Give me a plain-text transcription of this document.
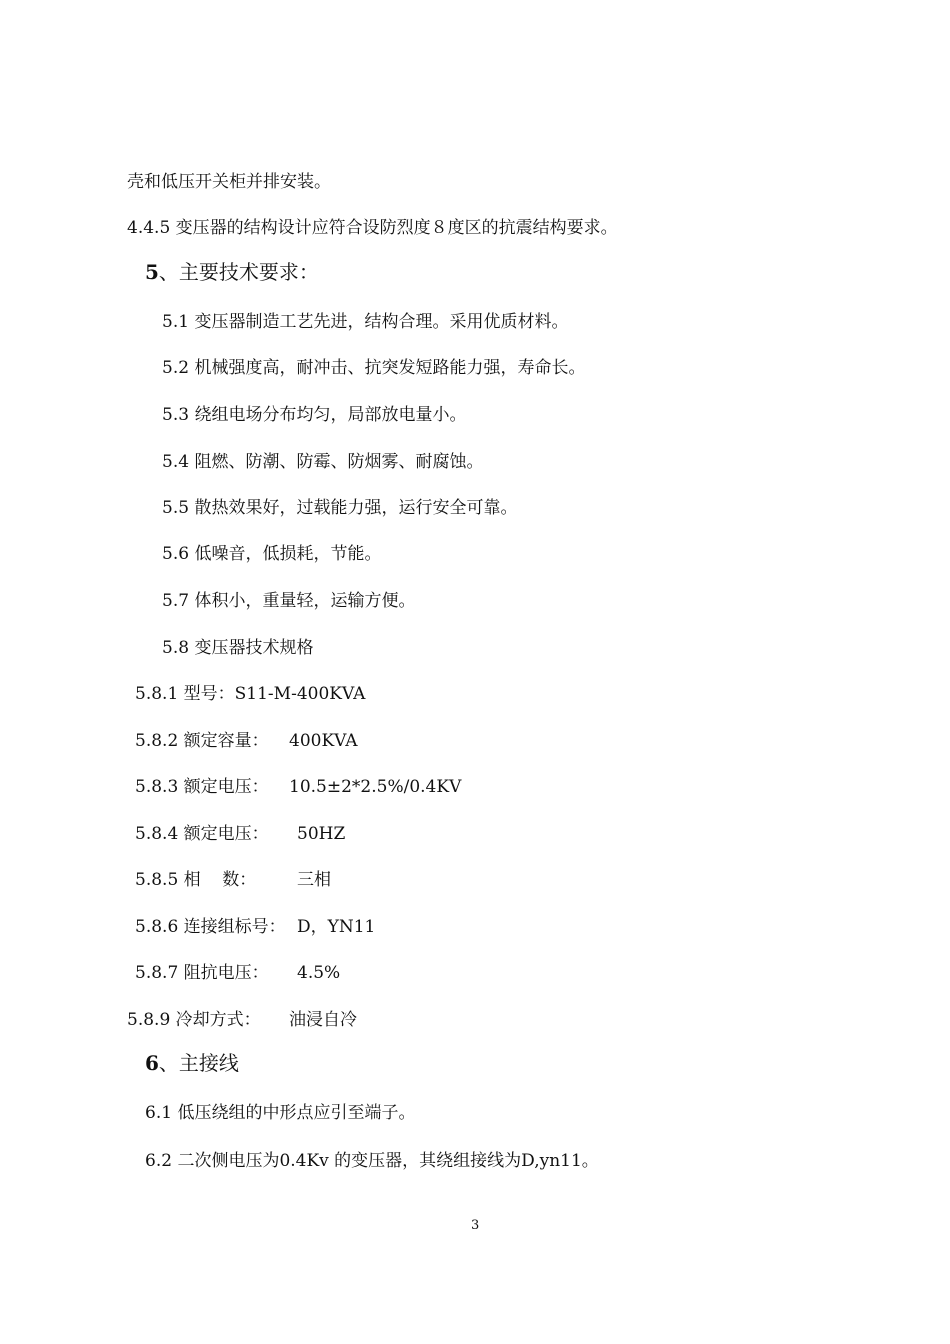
壳和低压开关柜并排安装。
4.4.5 变压器的结构设计应符合设防烈度８度区的抗震结构要求。
5、主要技术要求：
5.1 变压器制造工艺先进，结构合理。采用优质材料。
5.2 机械强度高，耐冲击、抗突发短路能力强，寿命长。
5.3 绕组电场分布均匀，局部放电量小。
5.4 阻燃、防潮、防霉、防烟雾、耐腐蚀。
5.5 散热效果好，过载能力强，运行安全可靠。
5.6 低噪音，低损耗，节能。
5.7 体积小，重量轻，运输方便。
5.8 变压器技术规格
5.8.1 型号：S11-M-400KVA
5.8.2 额定容量： 400KVA
5.8.3 额定电压： 10.5±2*2.5%/0.4KV
5.8.4 额定电压： 50HZ
5.8.5 相    数： 三相
5.8.6 连接组标号： D，YN11
5.8.7 阻抗电压： 4.5%
5.8.9 冷却方式： 油浸自冷
6、主接线
6.1 低压绕组的中形点应引至端子。
6.2 二次侧电压为0.4Kv 的变压器，其绕组接线为D,yn11。
3
